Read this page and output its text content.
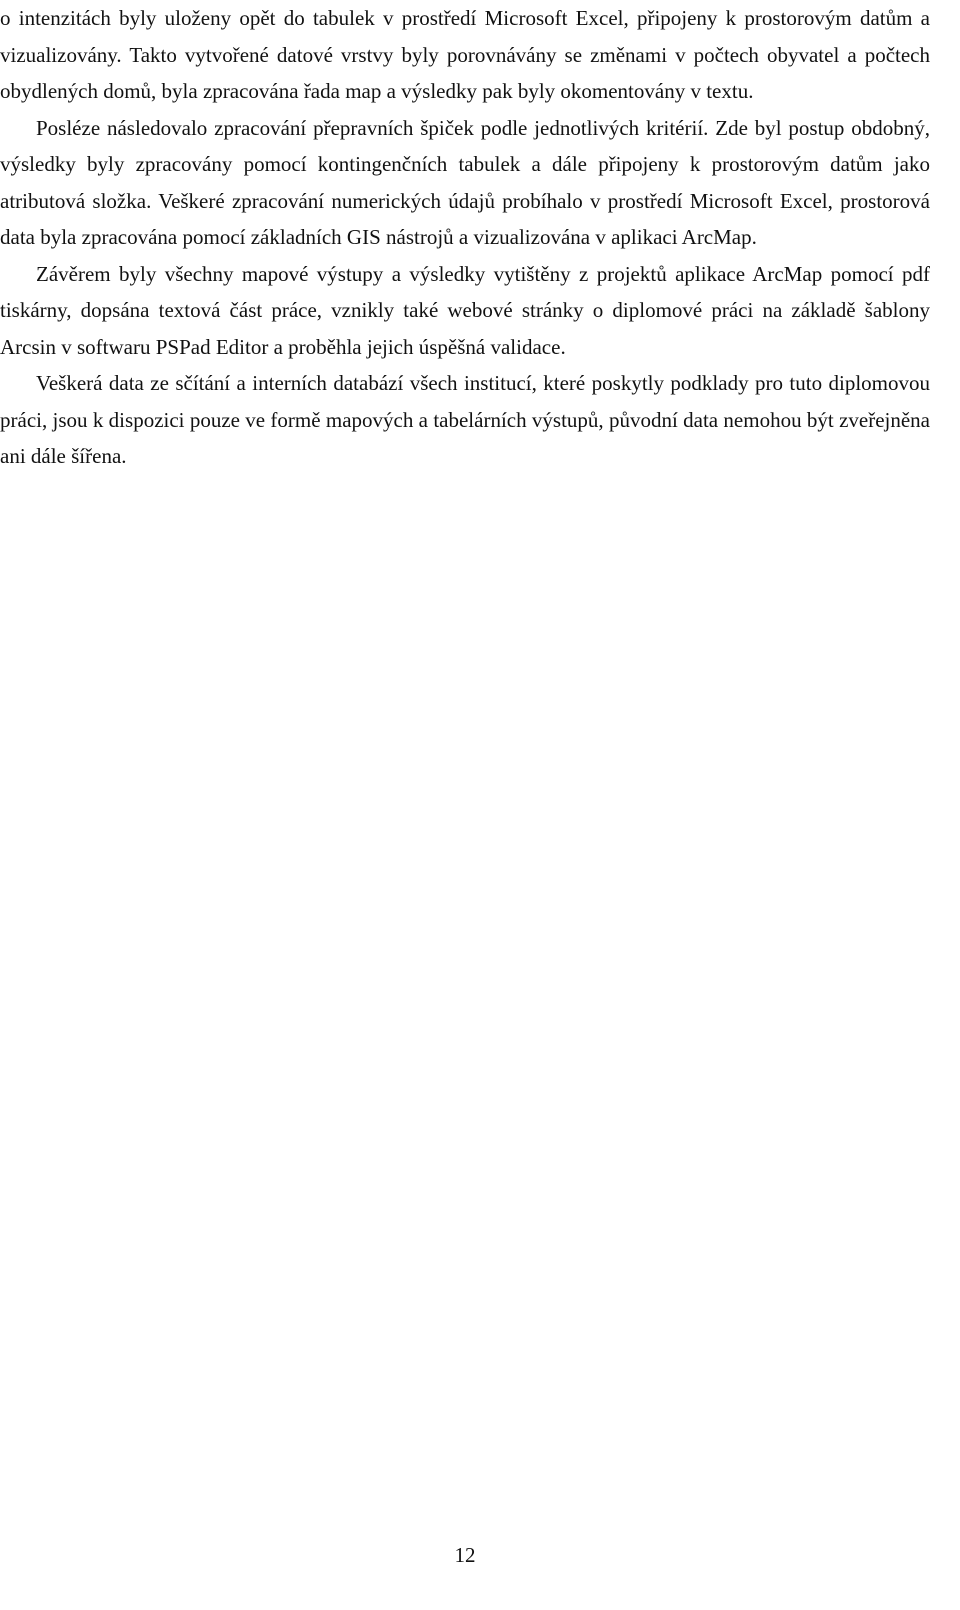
o intenzitách byly uloženy opět do tabulek v prostředí Microsoft Excel, připojeny k prostorovým datům a vizualizovány. Takto vytvořené datové vrstvy byly porovnávány se změnami v počtech obyvatel a počtech obydlených domů, byla zpracována řada map a výsledky pak byly okomentovány v textu.

Posléze následovalo zpracování přepravních špiček podle jednotlivých kritérií. Zde byl postup obdobný, výsledky byly zpracovány pomocí kontingenčních tabulek a dále připojeny k prostorovým datům jako atributová složka. Veškeré zpracování numerických údajů probíhalo v prostředí Microsoft Excel, prostorová data byla zpracována pomocí základních GIS nástrojů a vizualizována v aplikaci ArcMap.

Závěrem byly všechny mapové výstupy a výsledky vytištěny z projektů aplikace ArcMap pomocí pdf tiskárny, dopsána textová část práce, vznikly také webové stránky o diplomové práci na základě šablony Arcsin v softwaru PSPad Editor a proběhla jejich úspěšná validace.

Veškerá data ze sčítání a interních databází všech institucí, které poskytly podklady pro tuto diplomovou práci, jsou k dispozici pouze ve formě mapových a tabelárních výstupů, původní data nemohou být zveřejněna ani dále šířena.

12
